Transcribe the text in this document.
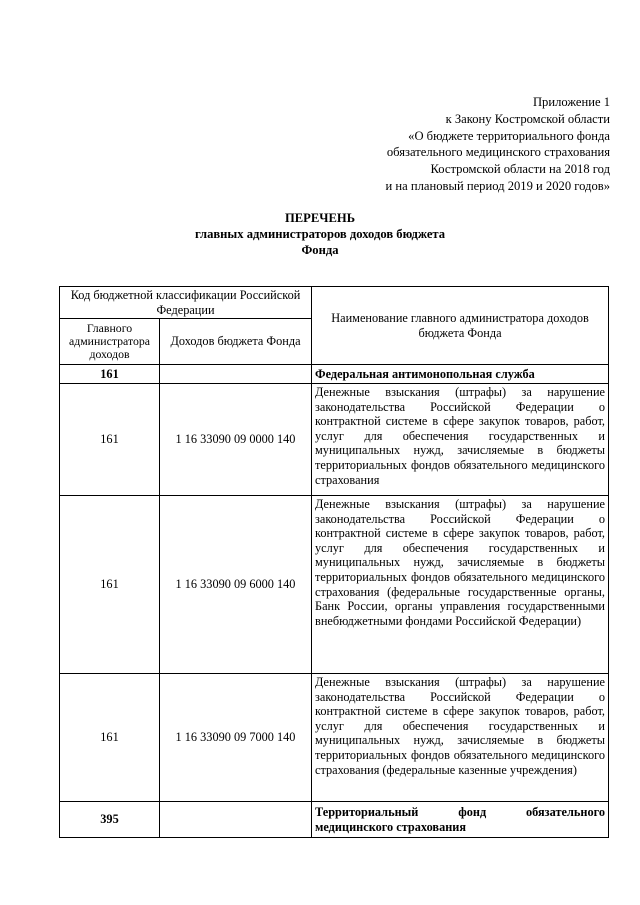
Приложение 1
к Закону Костромской области
«О бюджете территориального фонда
обязательного медицинского страхования
Костромской области на 2018 год
и на плановый период 2019 и 2020 годов»
ПЕРЕЧЕНЬ
главных администраторов доходов бюджета
Фонда
Код бюджетной классификации Российской Федерации		Наименование главного администратора доходов бюджета Фонда
Главного администратора доходов	Доходов бюджета Фонда	
161		Федеральная антимонопольная служба
161	1 16 33090 09 0000 140	Денежные взыскания (штрафы) за нарушение законодательства Российской Федерации о контрактной системе в сфере закупок товаров, работ, услуг для обеспечения государственных и муниципальных нужд, зачисляемые в бюджеты территориальных фондов обязательного медицинского страхования
161	1 16 33090 09 6000 140	Денежные взыскания (штрафы) за нарушение законодательства Российской Федерации о контрактной системе в сфере закупок товаров, работ, услуг для обеспечения государственных и муниципальных нужд, зачисляемые в бюджеты территориальных фондов обязательного медицинского страхования (федеральные государственные органы, Банк России, органы управления государственными внебюджетными фондами Российской Федерации)
161	1 16 33090 09 7000 140	Денежные взыскания (штрафы) за нарушение законодательства Российской Федерации о контрактной системе в сфере закупок товаров, работ, услуг для обеспечения государственных и муниципальных нужд, зачисляемые в бюджеты территориальных фондов обязательного медицинского страхования (федеральные казенные учреждения)
395		Территориальный фонд обязательного медицинского страхования
